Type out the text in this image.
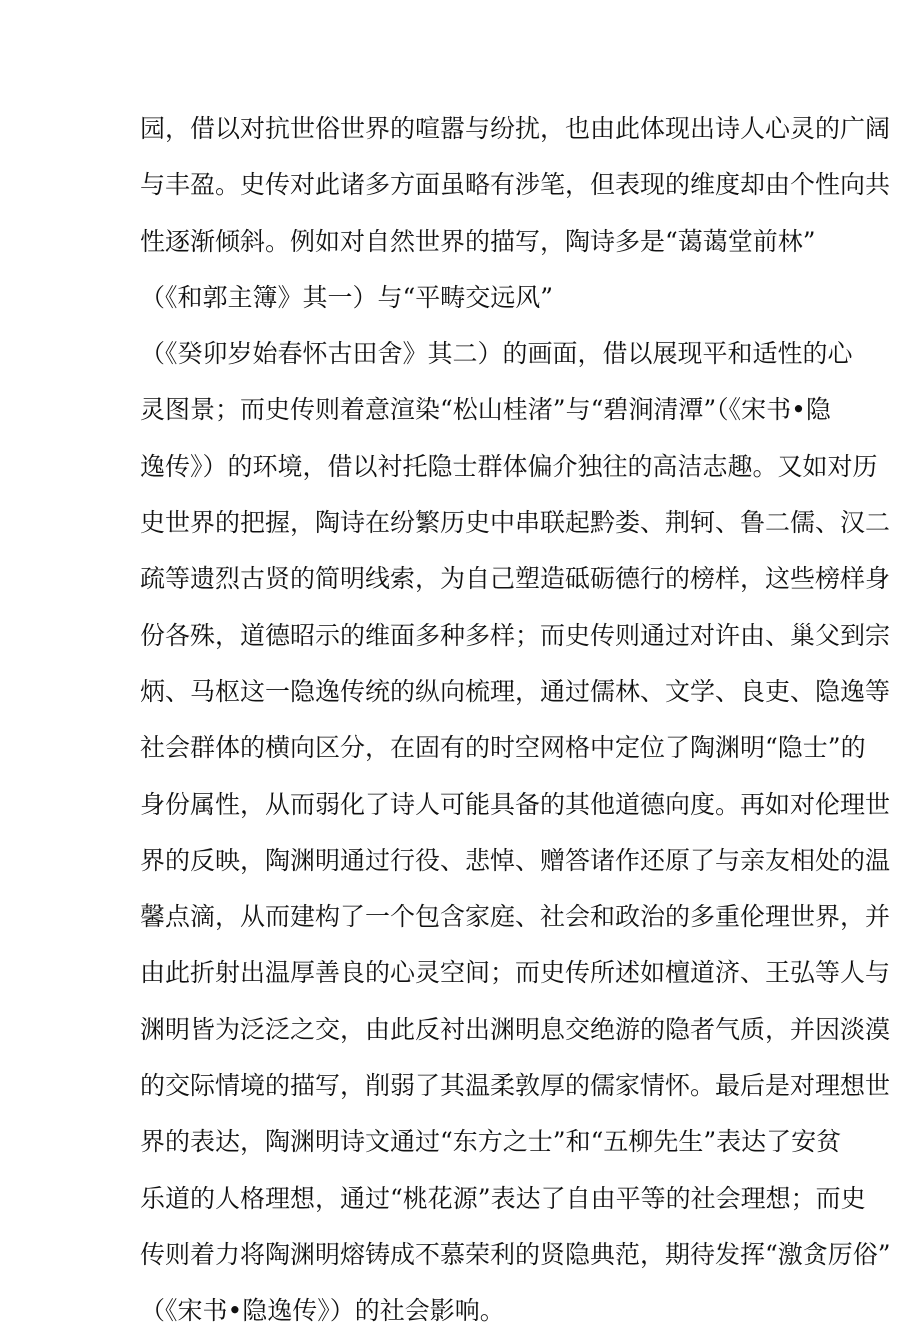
园，借以对抗世俗世界的喧嚣与纷扰，也由此体现出诗人心灵的广阔
与丰盈。史传对此诸多方面虽略有涉笔，但表现的维度却由个性向共
性逐渐倾斜。例如对自然世界的描写，陶诗多是“蔼蔼堂前林”
（《和郭主簿》其一）与“平畴交远风”
（《癸卯岁始春怀古田舍》其二）的画面，借以展现平和适性的心
灵图景；而史传则着意渲染“松山桂渚”与“碧涧清潭”（《宋书•隐
逸传》）的环境，借以衬托隐士群体偏介独往的高洁志趣。又如对历
史世界的把握，陶诗在纷繁历史中串联起黔娄、荆轲、鲁二儒、汉二
疏等遗烈古贤的简明线索，为自己塑造砥砺德行的榜样，这些榜样身
份各殊，道德昭示的维面多种多样；而史传则通过对许由、巢父到宗
炳、马枢这一隐逸传统的纵向梳理，通过儒林、文学、良吏、隐逸等
社会群体的横向区分，在固有的时空网格中定位了陶渊明“隐士”的
身份属性，从而弱化了诗人可能具备的其他道德向度。再如对伦理世
界的反映，陶渊明通过行役、悲悼、赠答诸作还原了与亲友相处的温
馨点滴，从而建构了一个包含家庭、社会和政治的多重伦理世界，并
由此折射出温厚善良的心灵空间；而史传所述如檀道济、王弘等人与
渊明皆为泛泛之交，由此反衬出渊明息交绝游的隐者气质，并因淡漠
的交际情境的描写，削弱了其温柔敦厚的儒家情怀。最后是对理想世
界的表达，陶渊明诗文通过“东方之士”和“五柳先生”表达了安贫
乐道的人格理想，通过“桃花源”表达了自由平等的社会理想；而史
传则着力将陶渊明熔铸成不慕荣利的贤隐典范，期待发挥“激贪厉俗”
（《宋书•隐逸传》）的社会影响。
